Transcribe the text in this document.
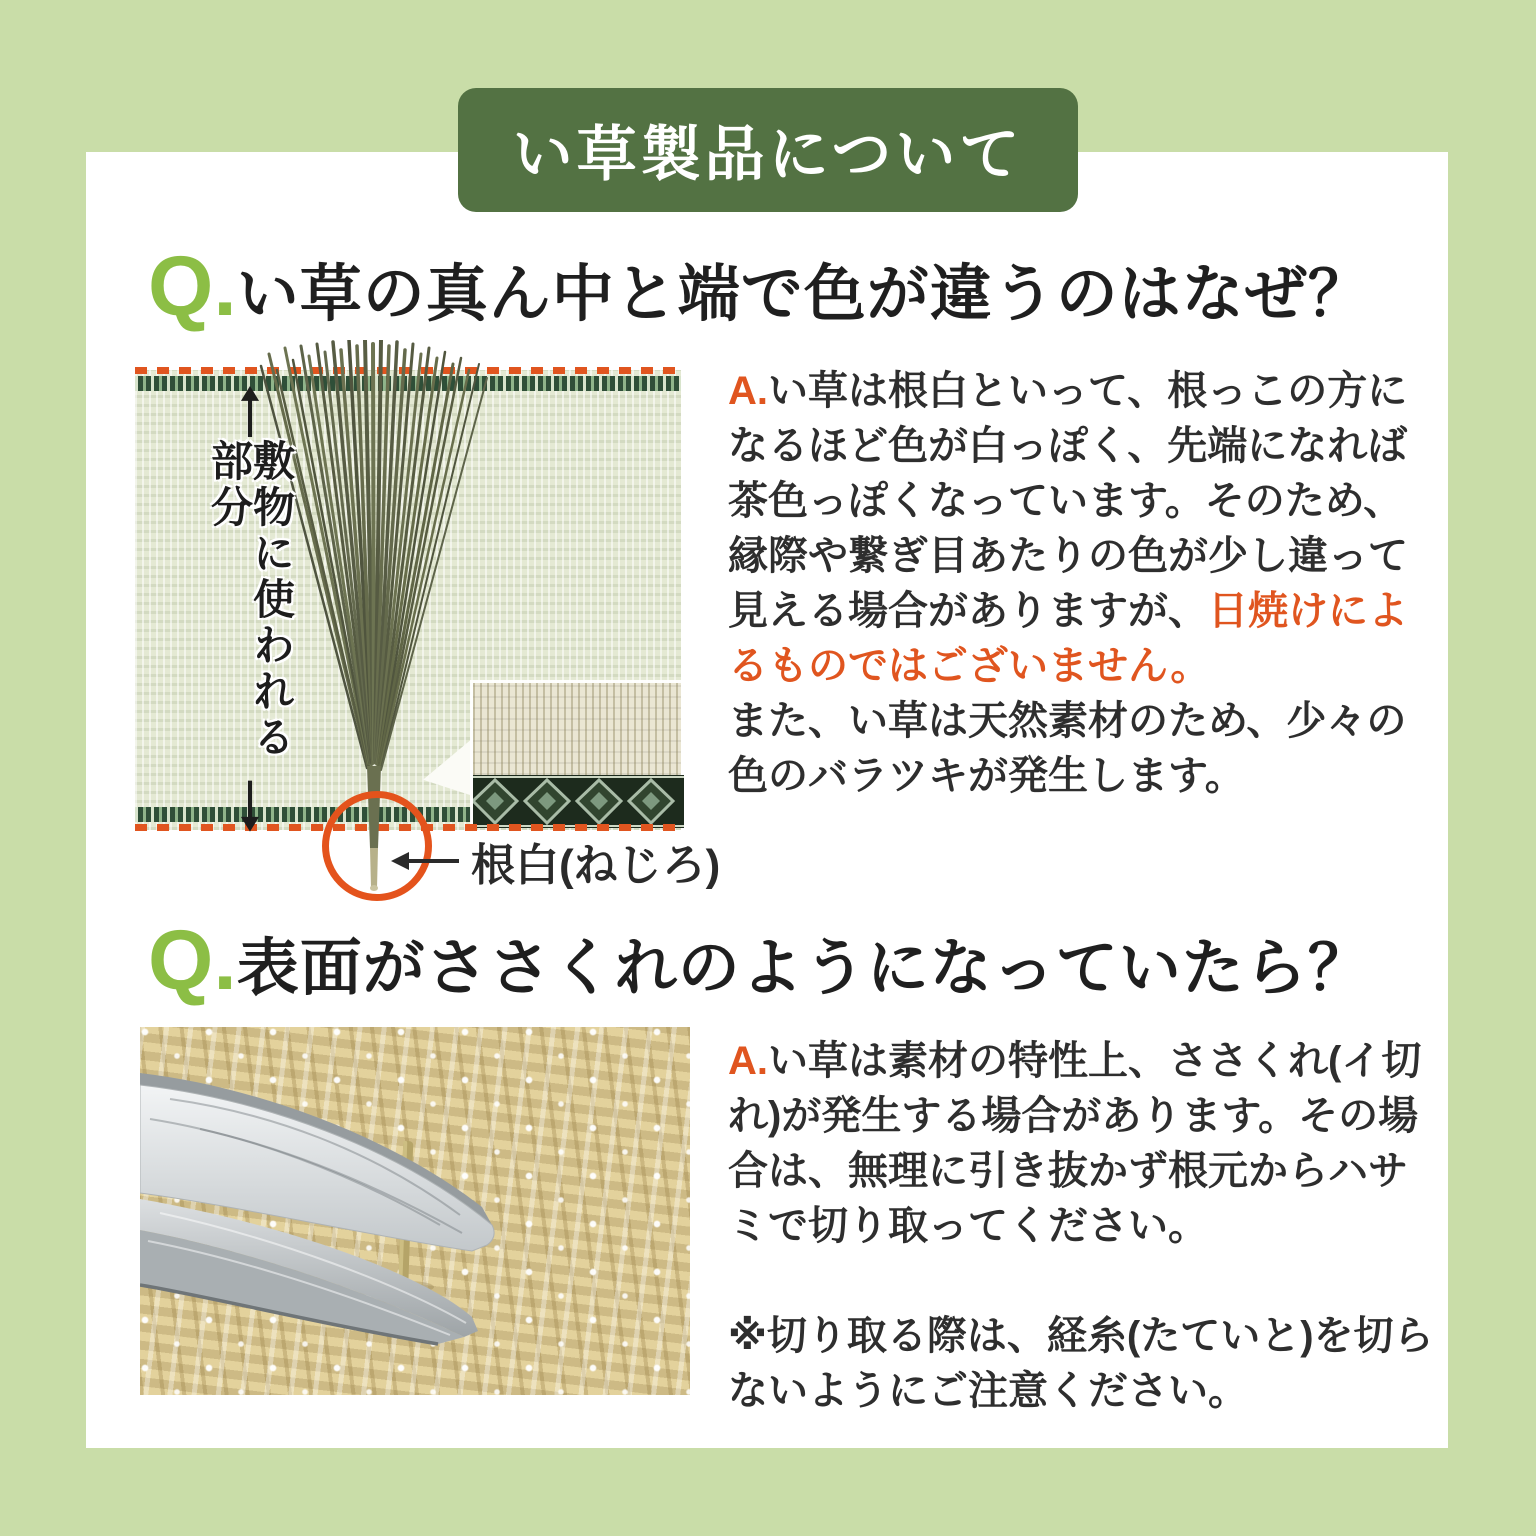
い草製品について
Q. い草の真ん中と端で色が違うのはなぜ？
敷物に使われる部分
根白(ねじろ)

A.い草は根白といって、根っこの方になるほど色が白っぽく、先端になれば茶色っぽくなっています。そのため、縁際や繋ぎ目あたりの色が少し違って見える場合がありますが、日焼けによるものではございません。

また、い草は天然素材のため、少々の色のバラツキが発生します。

Q. 表面がささくれのようになっていたら？

A.い草は素材の特性上、ささくれ(イ切れ)が発生する場合があります。その場合は、無理に引き抜かず根元からハサミで切り取ってください。

※切り取る際は、経糸(たていと)を切らないようにご注意ください。
